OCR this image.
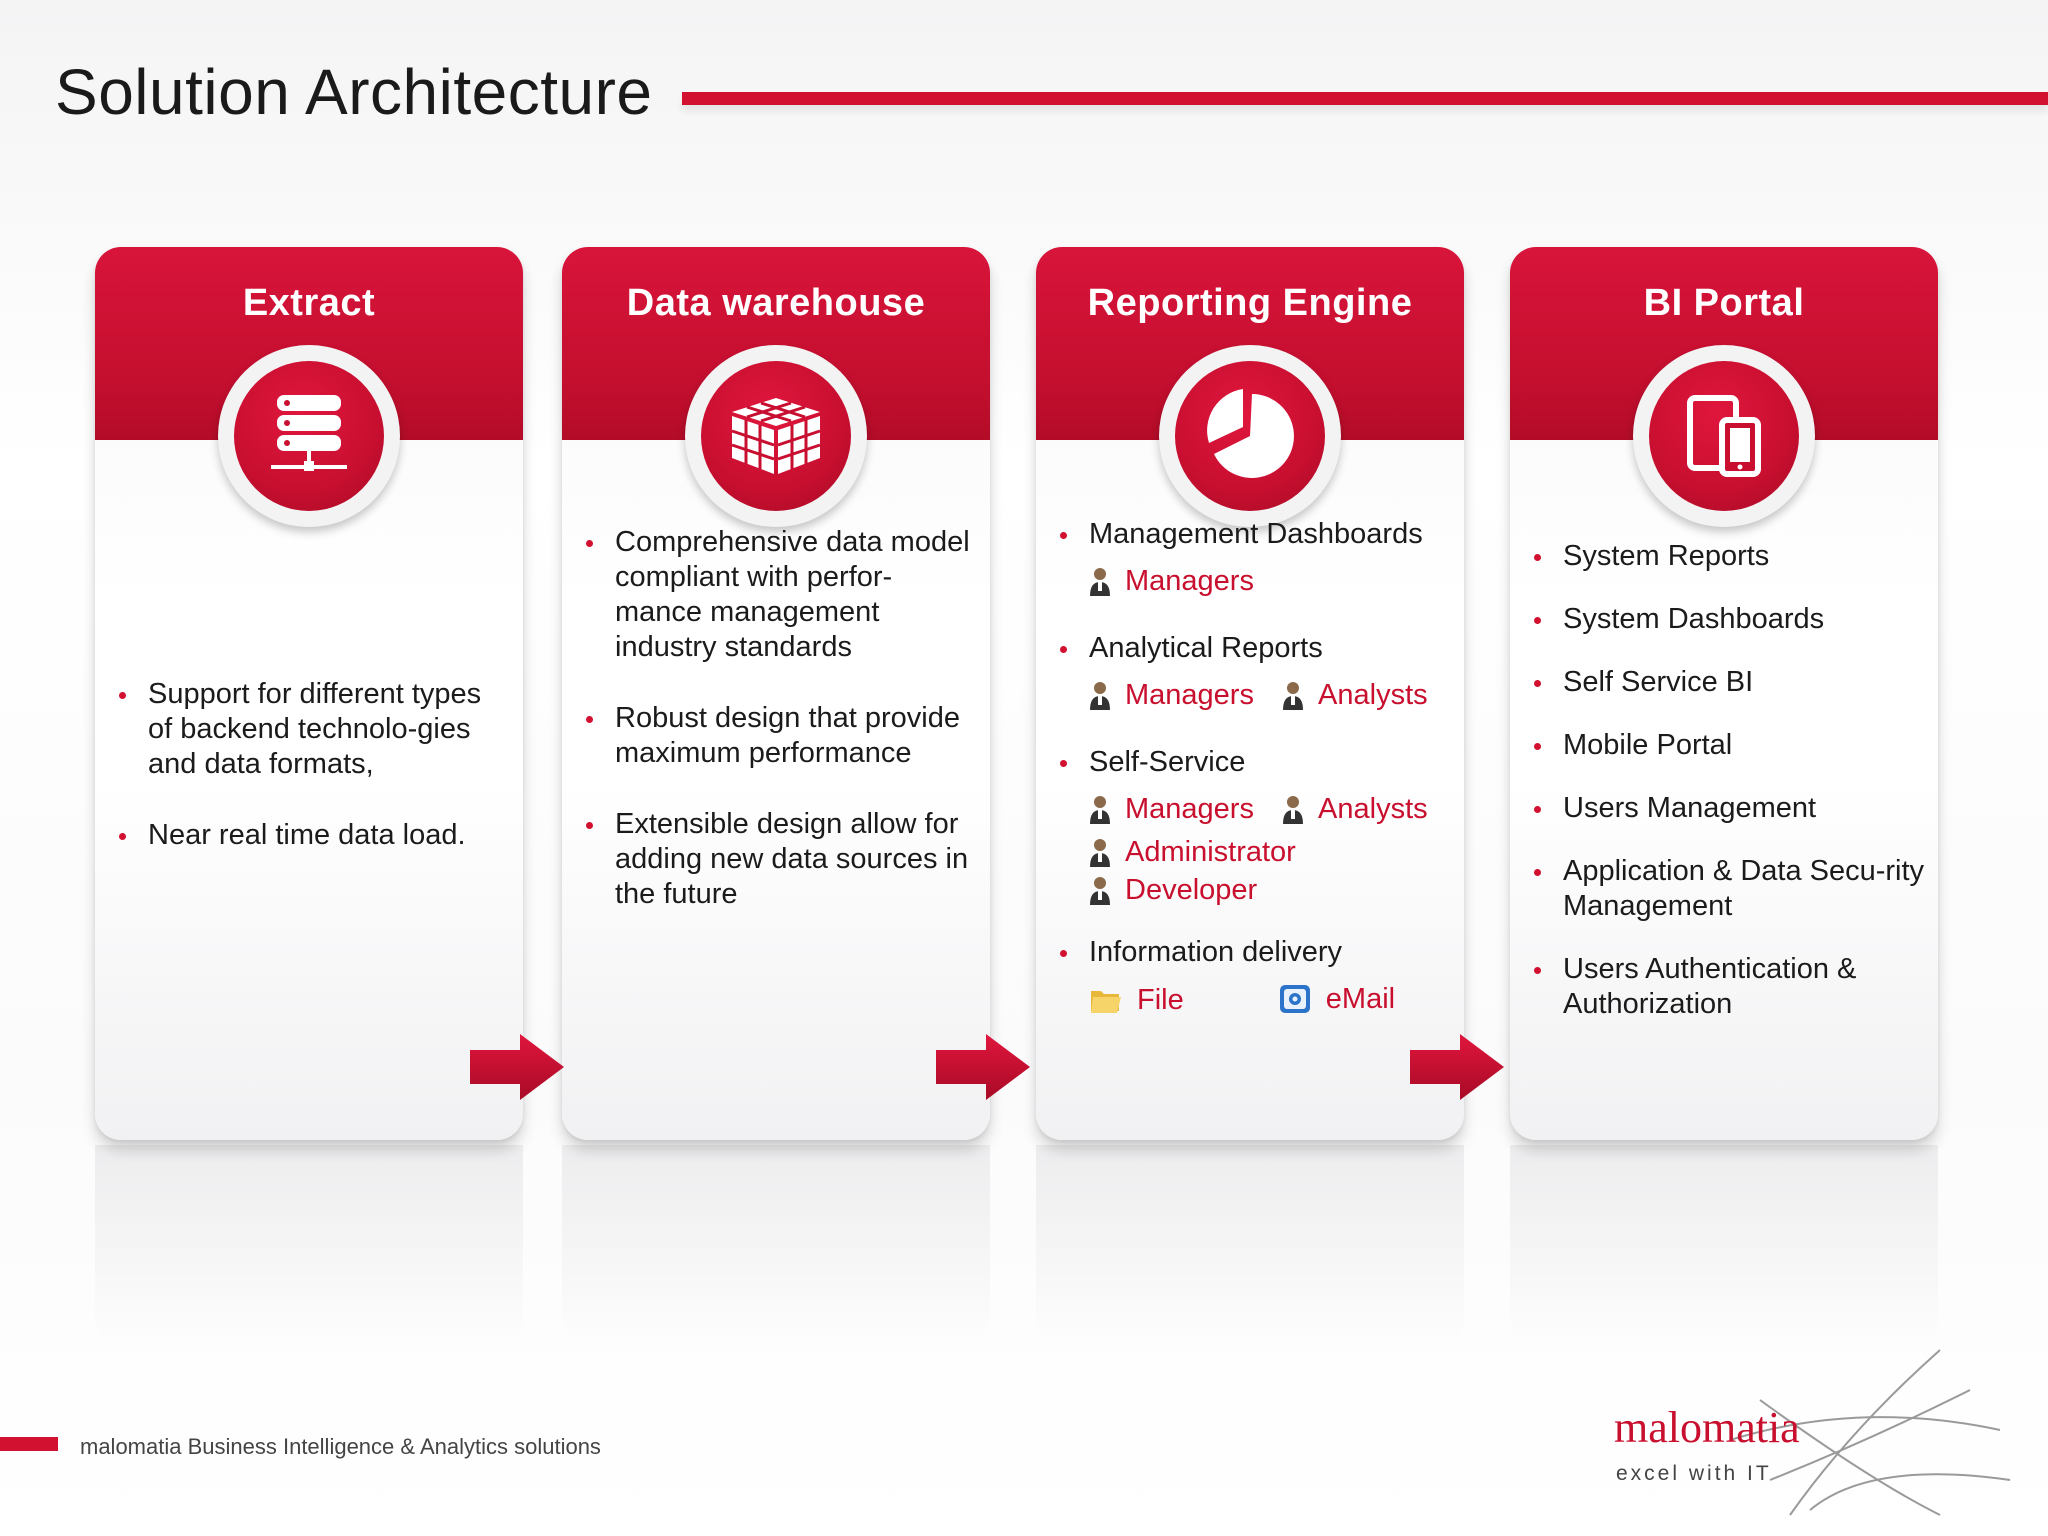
Solution Architecture
Extract
Support for different types of backend technolo-gies and data formats,
Near real time data load.
Data warehouse
Comprehensive data model compliant with perfor-mance management industry standards
Robust design that provide maximum performance
Extensible design allow for adding new data sources in the future
Reporting Engine
Management Dashboards
Managers
Analytical Reports
Managers
Analysts
Self-Service
Managers
Analysts
Administrator
Developer
Information delivery
File
	eMail
BI Portal
System Reports
System Dashboards
Self Service BI
Mobile Portal
Users Management
Application & Data Secu-rity Management
Users Authentication & Authorization
malomatia Business Intelligence & Analytics solutions	malomatia
excel with IT
